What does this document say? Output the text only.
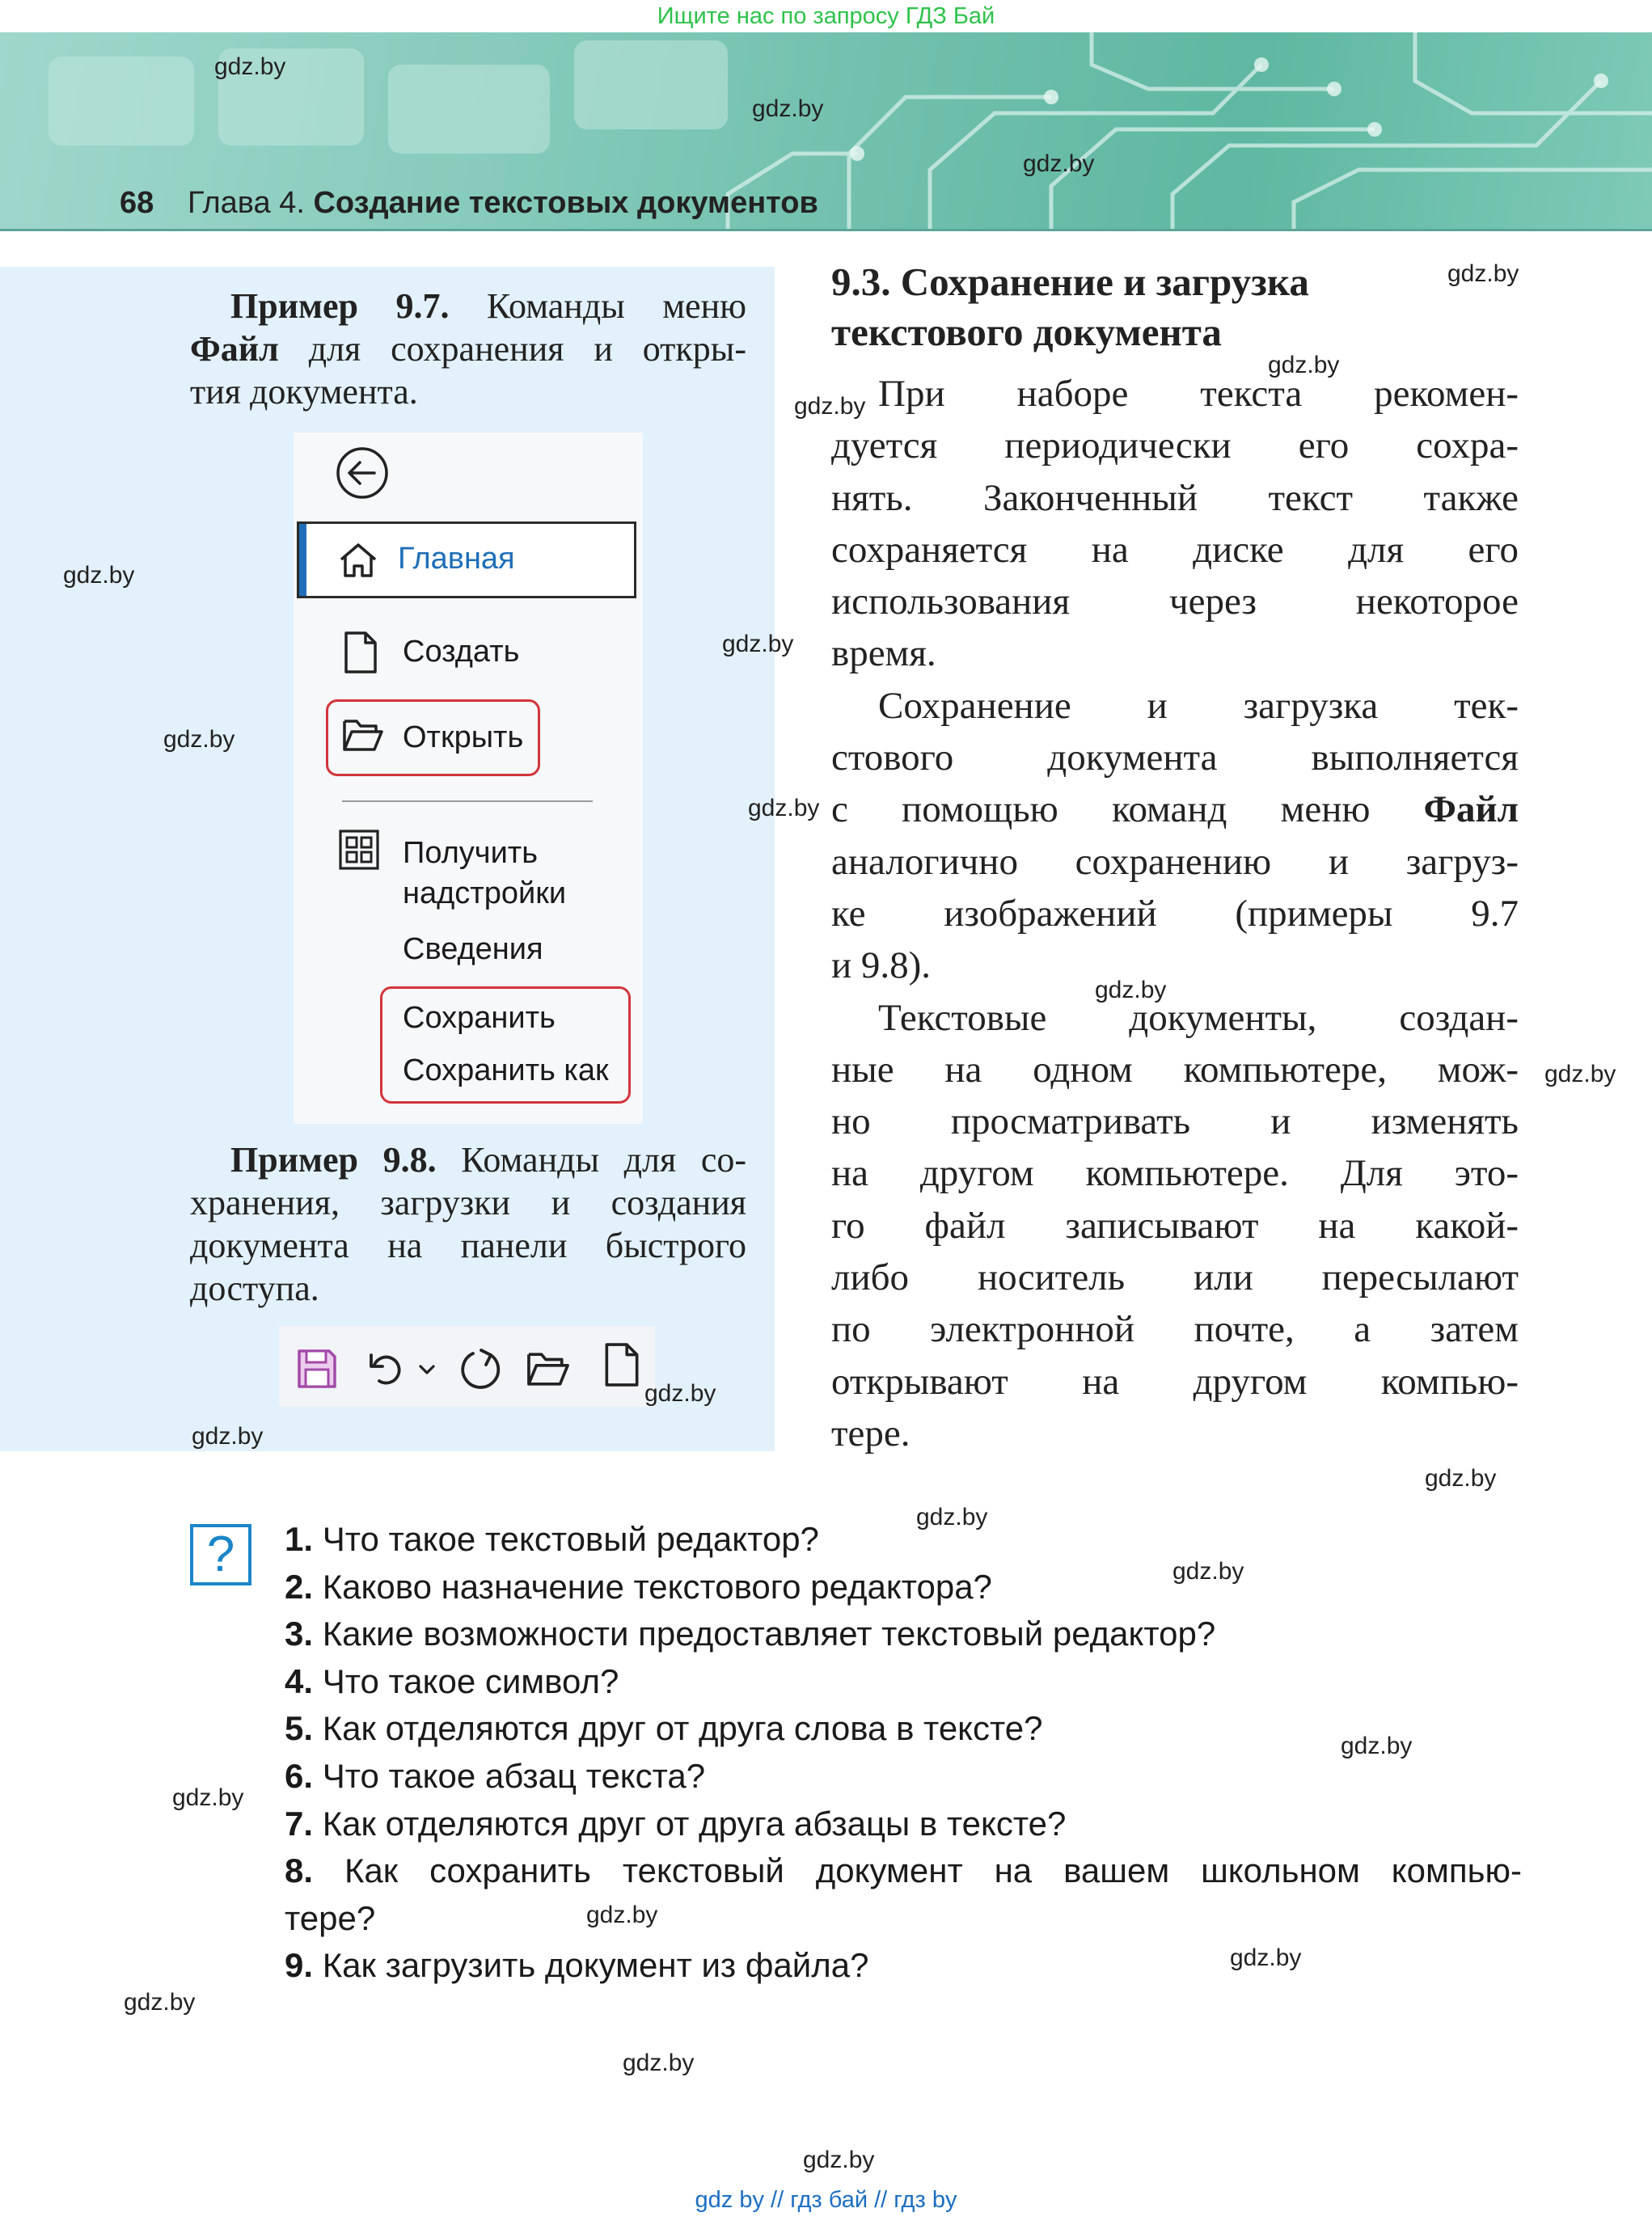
Ищите нас по запросу ГДЗ Бай
68 Глава 4. Создание текстовых документов
gdz.by
gdz.by
gdz.by
gdz.by
gdz.by
gdz.by
gdz.by
gdz.by
gdz.by
gdz.by
Пример 9.7. Команды меню
Файл для сохранения и откры-
тия документа.
Главная
Создать
Открыть
Получить
надстройки
Сведения
Сохранить
Сохранить как
Пример 9.8. Команды для со-
хранения, загрузки и создания
документа на панели быстрого
доступа.
gdz.by
gdz.by
9.3. Сохранение и загрузка
текстового документа

При наборе текста рекомен-

дуется периодически его сохра-

нять. Законченный текст также

сохраняется на диске для его

использования через некоторое

время.

Сохранение и загрузка тек-

стового документа выполняется

с помощью команд меню Файл

аналогично сохранению и загруз-

ке изображений (примеры 9.7

и 9.8).

Текстовые документы, создан-

ные на одном компьютере, мож-

но просматривать и изменять

на другом компьютере. Для это-

го файл записывают на какой-

либо носитель или пересылают

по электронной почте, а затем

открывают на другом компью-

тере.

gdz.by
gdz.by
gdz.by
?	1. Что такое текстовый редактор?
2. Каково назначение текстового редактора?
3. Какие возможности предоставляет текстовый редактор?
4. Что такое символ?
5. Как отделяются друг от друга слова в тексте?
6. Что такое абзац текста?
7. Как отделяются друг от друга абзацы в тексте?
8. Как сохранить текстовый документ на вашем школьном компью-
тере?
9. Как загрузить документ из файла?
gdz.by
gdz.by
gdz.by
gdz.by
gdz.by
gdz.by
gdz.by
gdz.by
gdz.by
gdz by // гдз бай // гдз by
